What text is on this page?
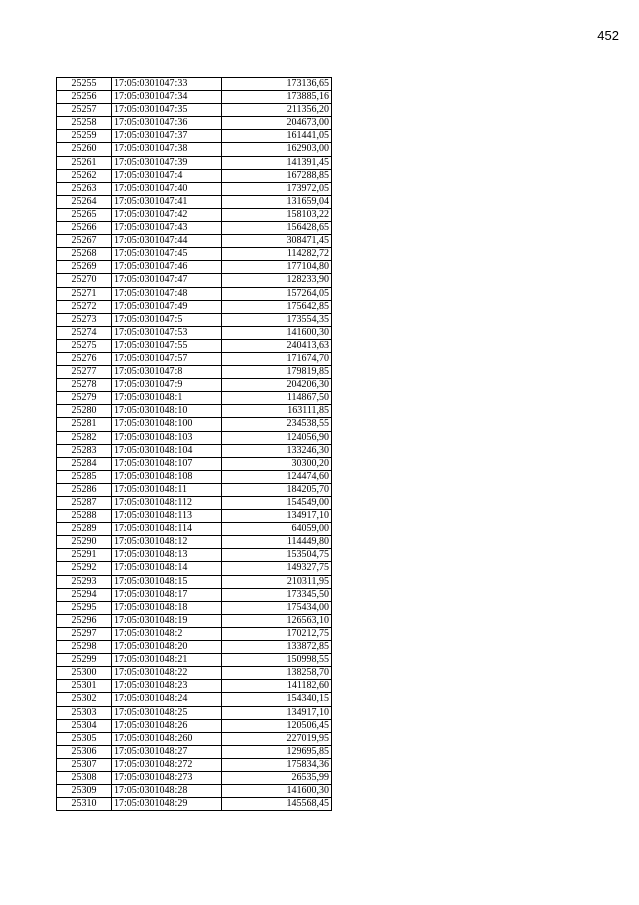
452
25255	17:05:0301047:33	173136,65
25256	17:05:0301047:34	173885,16
25257	17:05:0301047:35	211356,20
25258	17:05:0301047:36	204673,00
25259	17:05:0301047:37	161441,05
25260	17:05:0301047:38	162903,00
25261	17:05:0301047:39	141391,45
25262	17:05:0301047:4	167288,85
25263	17:05:0301047:40	173972,05
25264	17:05:0301047:41	131659,04
25265	17:05:0301047:42	158103,22
25266	17:05:0301047:43	156428,65
25267	17:05:0301047:44	308471,45
25268	17:05:0301047:45	114282,72
25269	17:05:0301047:46	177104,80
25270	17:05:0301047:47	128233,90
25271	17:05:0301047:48	157264,05
25272	17:05:0301047:49	175642,85
25273	17:05:0301047:5	173554,35
25274	17:05:0301047:53	141600,30
25275	17:05:0301047:55	240413,63
25276	17:05:0301047:57	171674,70
25277	17:05:0301047:8	179819,85
25278	17:05:0301047:9	204206,30
25279	17:05:0301048:1	114867,50
25280	17:05:0301048:10	163111,85
25281	17:05:0301048:100	234538,55
25282	17:05:0301048:103	124056,90
25283	17:05:0301048:104	133246,30
25284	17:05:0301048:107	30300,20
25285	17:05:0301048:108	124474,60
25286	17:05:0301048:11	184205,70
25287	17:05:0301048:112	154549,00
25288	17:05:0301048:113	134917,10
25289	17:05:0301048:114	64059,00
25290	17:05:0301048:12	114449,80
25291	17:05:0301048:13	153504,75
25292	17:05:0301048:14	149327,75
25293	17:05:0301048:15	210311,95
25294	17:05:0301048:17	173345,50
25295	17:05:0301048:18	175434,00
25296	17:05:0301048:19	126563,10
25297	17:05:0301048:2	170212,75
25298	17:05:0301048:20	133872,85
25299	17:05:0301048:21	150998,55
25300	17:05:0301048:22	138258,70
25301	17:05:0301048:23	141182,60
25302	17:05:0301048:24	154340,15
25303	17:05:0301048:25	134917,10
25304	17:05:0301048:26	120506,45
25305	17:05:0301048:260	227019,95
25306	17:05:0301048:27	129695,85
25307	17:05:0301048:272	175834,36
25308	17:05:0301048:273	26535,99
25309	17:05:0301048:28	141600,30
25310	17:05:0301048:29	145568,45
